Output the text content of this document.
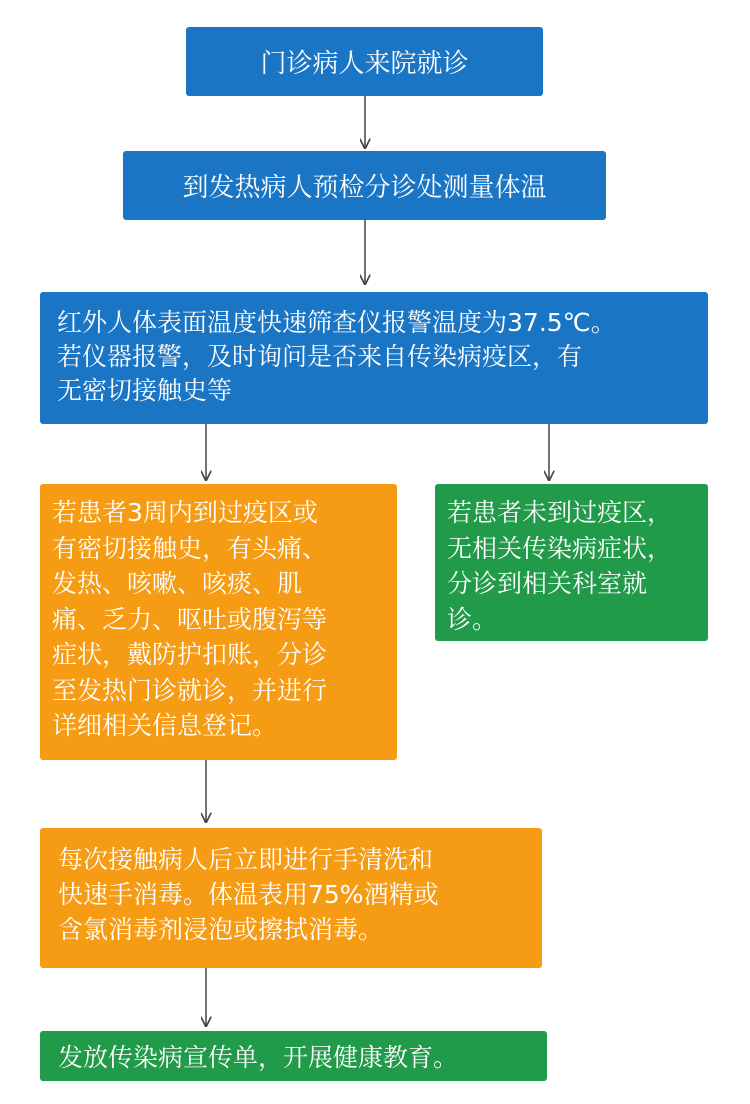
门诊病人来院就诊
到发热病人预检分诊处测量体温
红外人体表面温度快速筛查仪报警温度为37.5℃。
若仪器报警，及时询问是否来自传染病疫区，有
无密切接触史等
若患者3周内到过疫区或
有密切接触史，有头痛、
发热、咳嗽、咳痰、肌
痛、乏力、呕吐或腹泻等
症状，戴防护扣账，分诊
至发热门诊就诊，并进行
详细相关信息登记。
若患者未到过疫区，
无相关传染病症状，
分诊到相关科室就
诊。
每次接触病人后立即进行手清洗和
快速手消毒。体温表用75%酒精或
含氯消毒剂浸泡或擦拭消毒。
发放传染病宣传单，开展健康教育。
